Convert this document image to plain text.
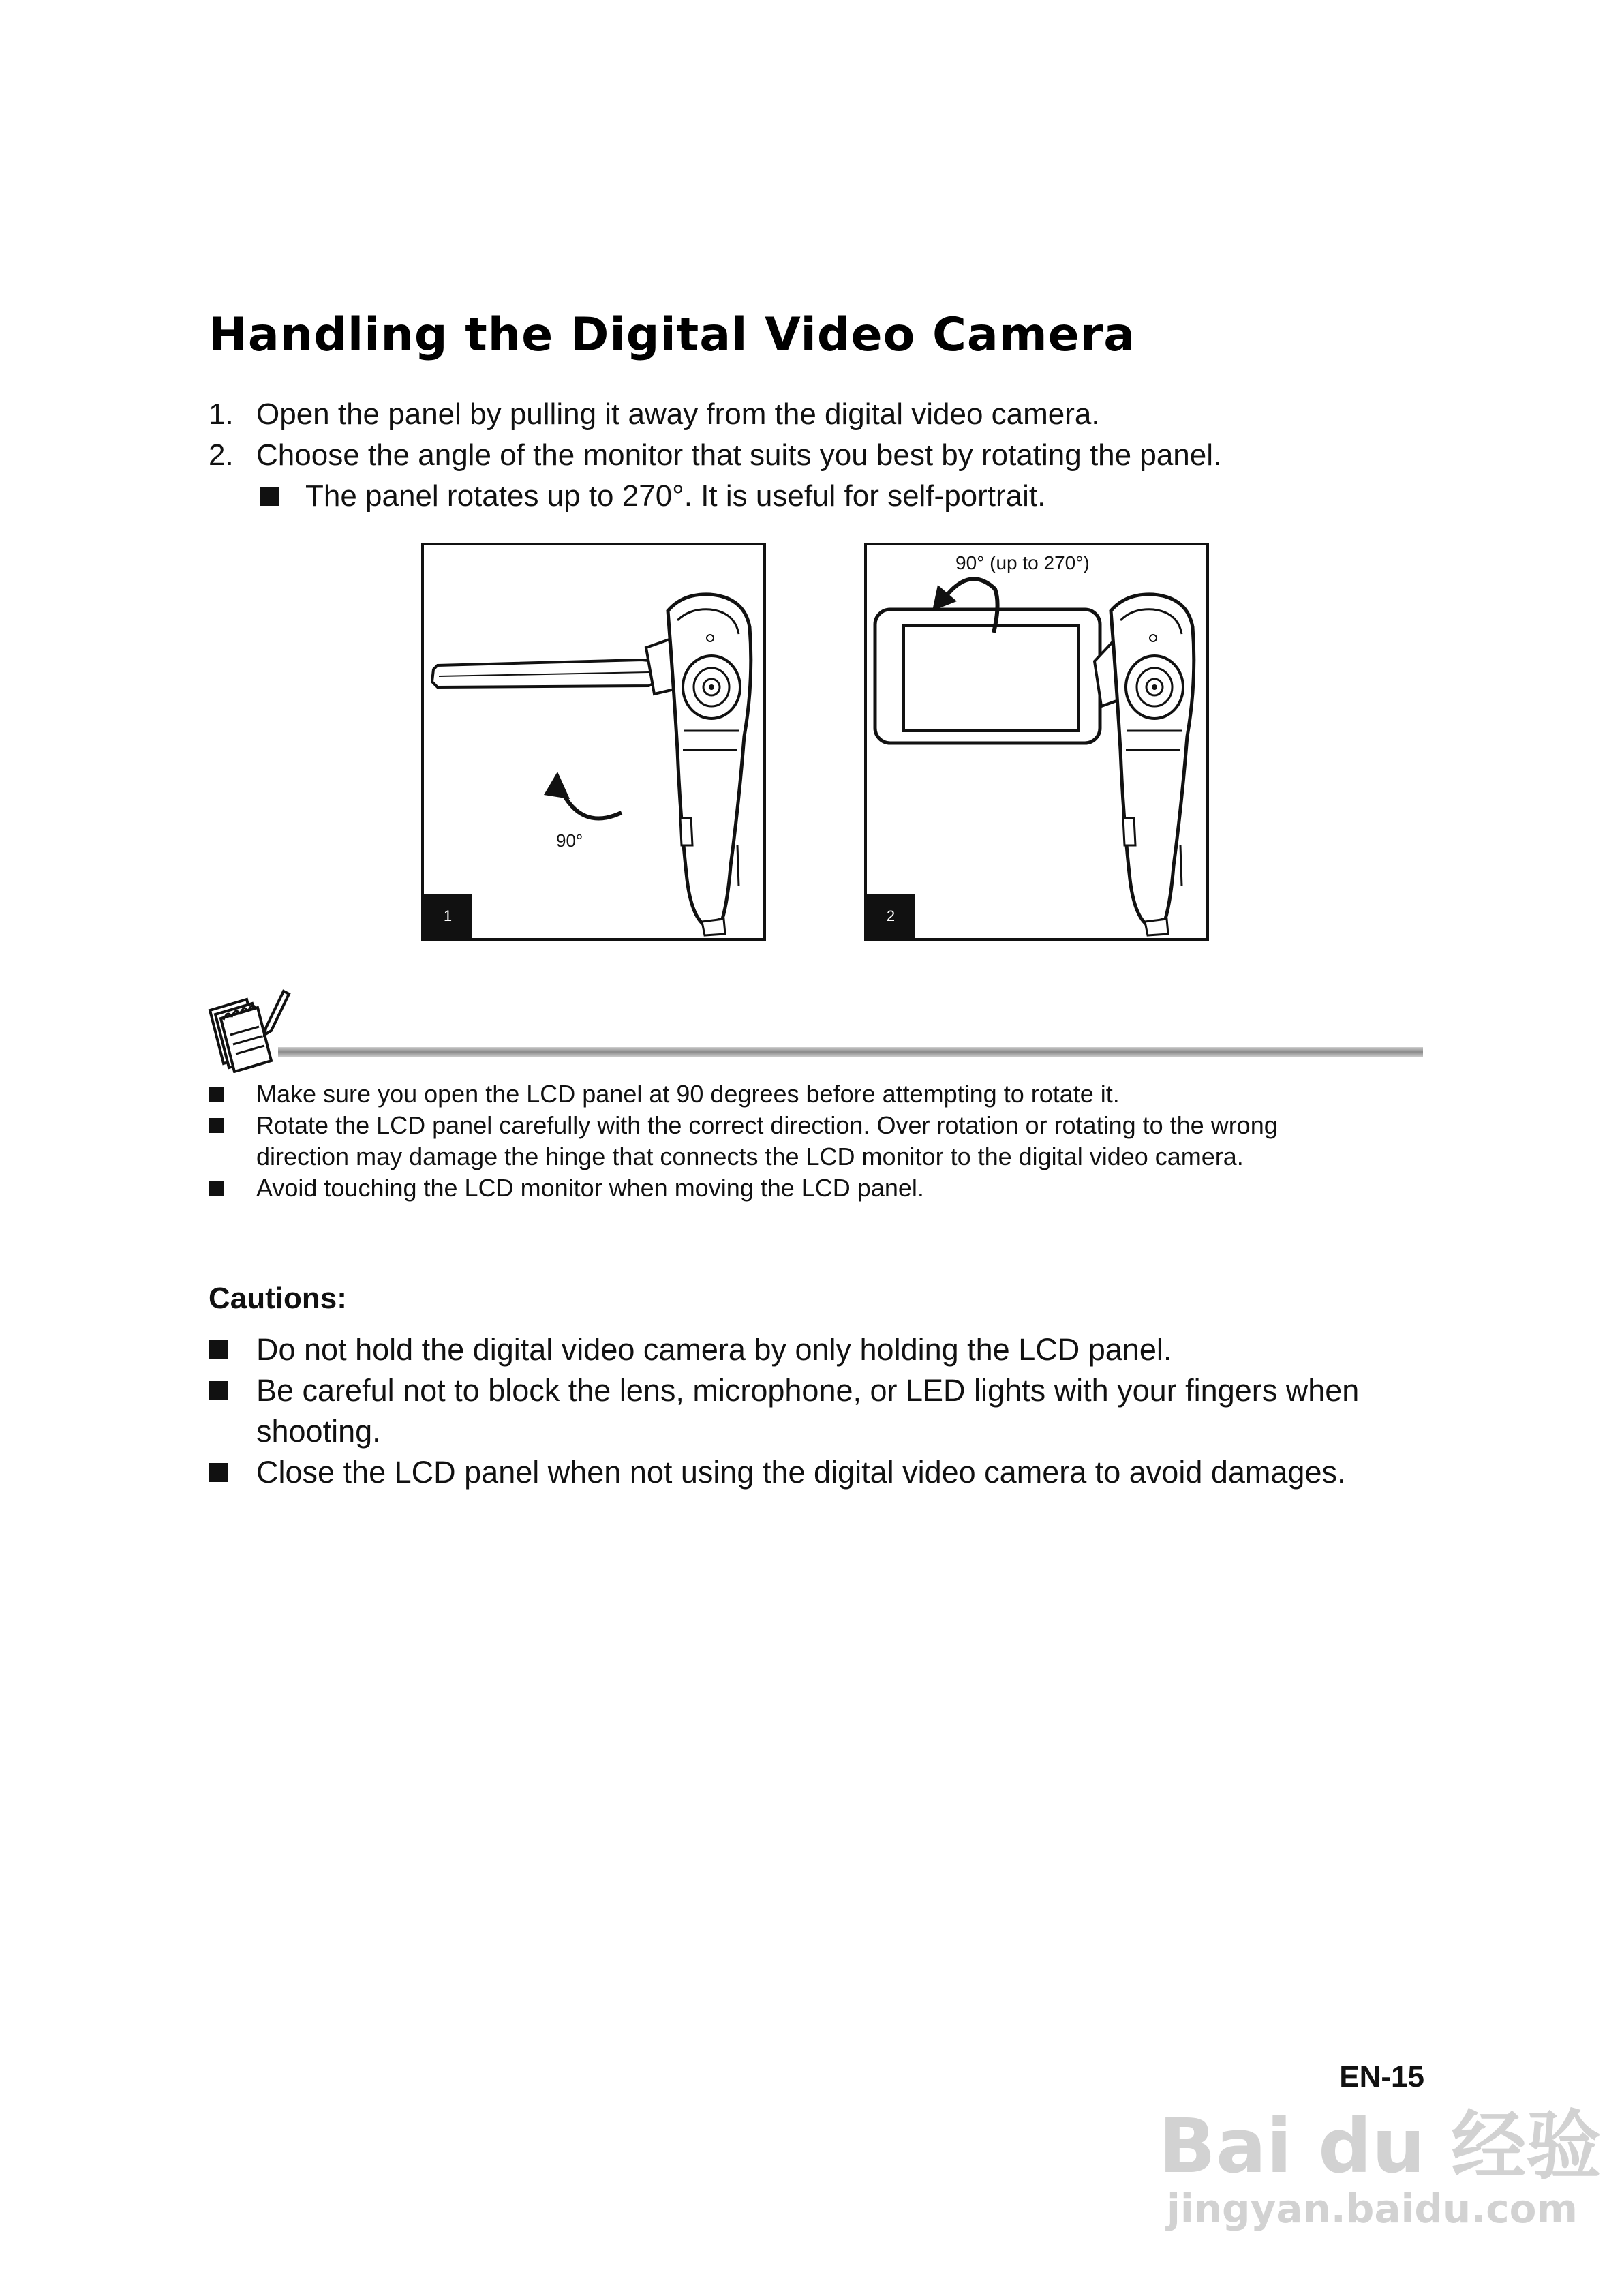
Handling the Digital Video Camera
1. Open the panel by pulling it away from the digital video camera.
2. Choose the angle of the monitor that suits you best by rotating the panel.
The panel rotates up to 270°. It is useful for self-portrait.
90°
1
90° (up to 270°)
2
Make sure you open the LCD panel at 90 degrees before attempting to rotate it.
Rotate the LCD panel carefully with the correct direction. Over rotation or rotating to the wrong
direction may damage the hinge that connects the LCD monitor to the digital video camera.
Avoid touching the LCD monitor when moving the LCD panel.
Cautions:
Do not hold the digital video camera by only holding the LCD panel.
Be careful not to block the lens, microphone, or LED lights with your fingers when
shooting.
Close the LCD panel when not using the digital video camera to avoid damages.
EN-15
Bai du 经验
jingyan.baidu.com
